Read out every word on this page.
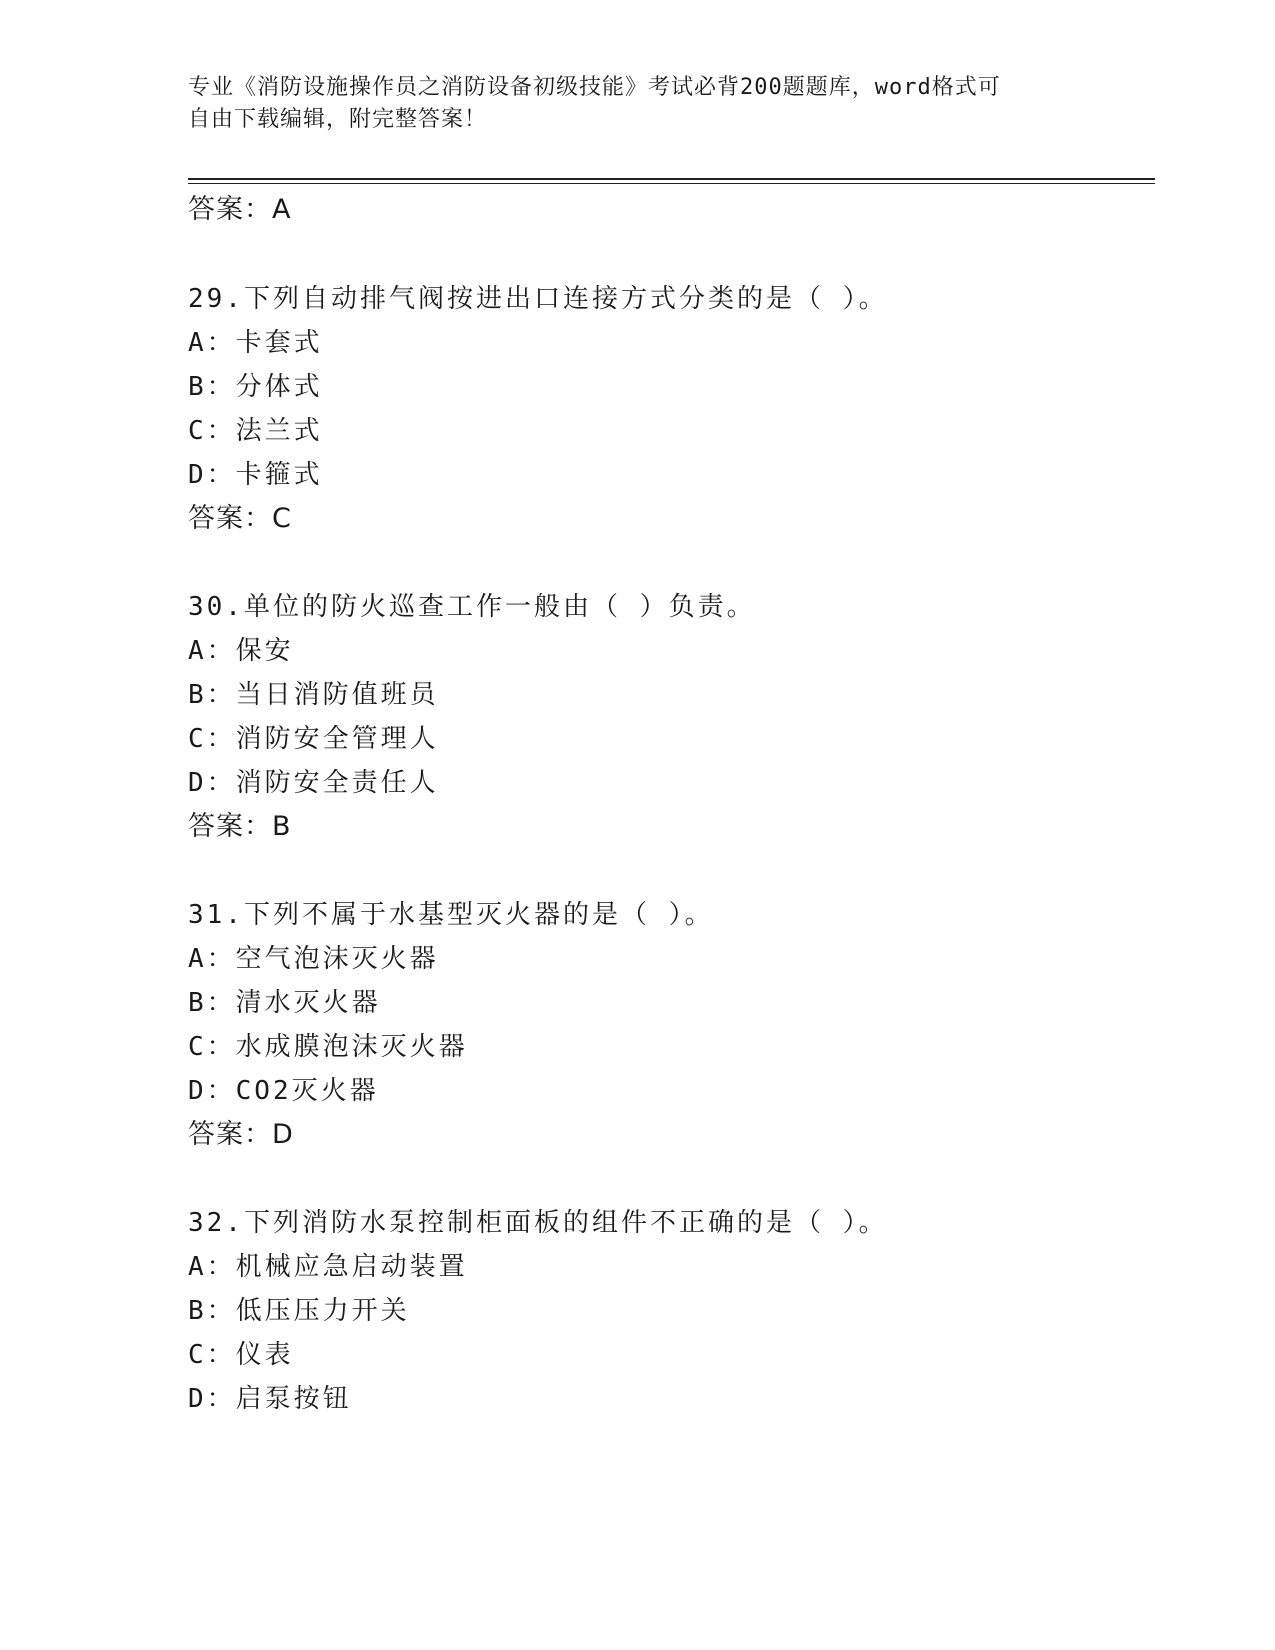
专业《消防设施操作员之消防设备初级技能》考试必背200题题库，word格式可
自由下载编辑，附完整答案！
答案：A
29.下列自动排气阀按进出口连接方式分类的是（ ）。
A：卡套式
B：分体式
C：法兰式
D：卡箍式
答案：C
30.单位的防火巡查工作一般由（ ）负责。
A：保安
B：当日消防值班员
C：消防安全管理人
D：消防安全责任人
答案：B
31.下列不属于水基型灭火器的是（ ）。
A：空气泡沫灭火器
B：清水灭火器
C：水成膜泡沫灭火器
D：CO2灭火器
答案：D
32.下列消防水泵控制柜面板的组件不正确的是（ ）。
A：机械应急启动装置
B：低压压力开关
C：仪表
D：启泵按钮
